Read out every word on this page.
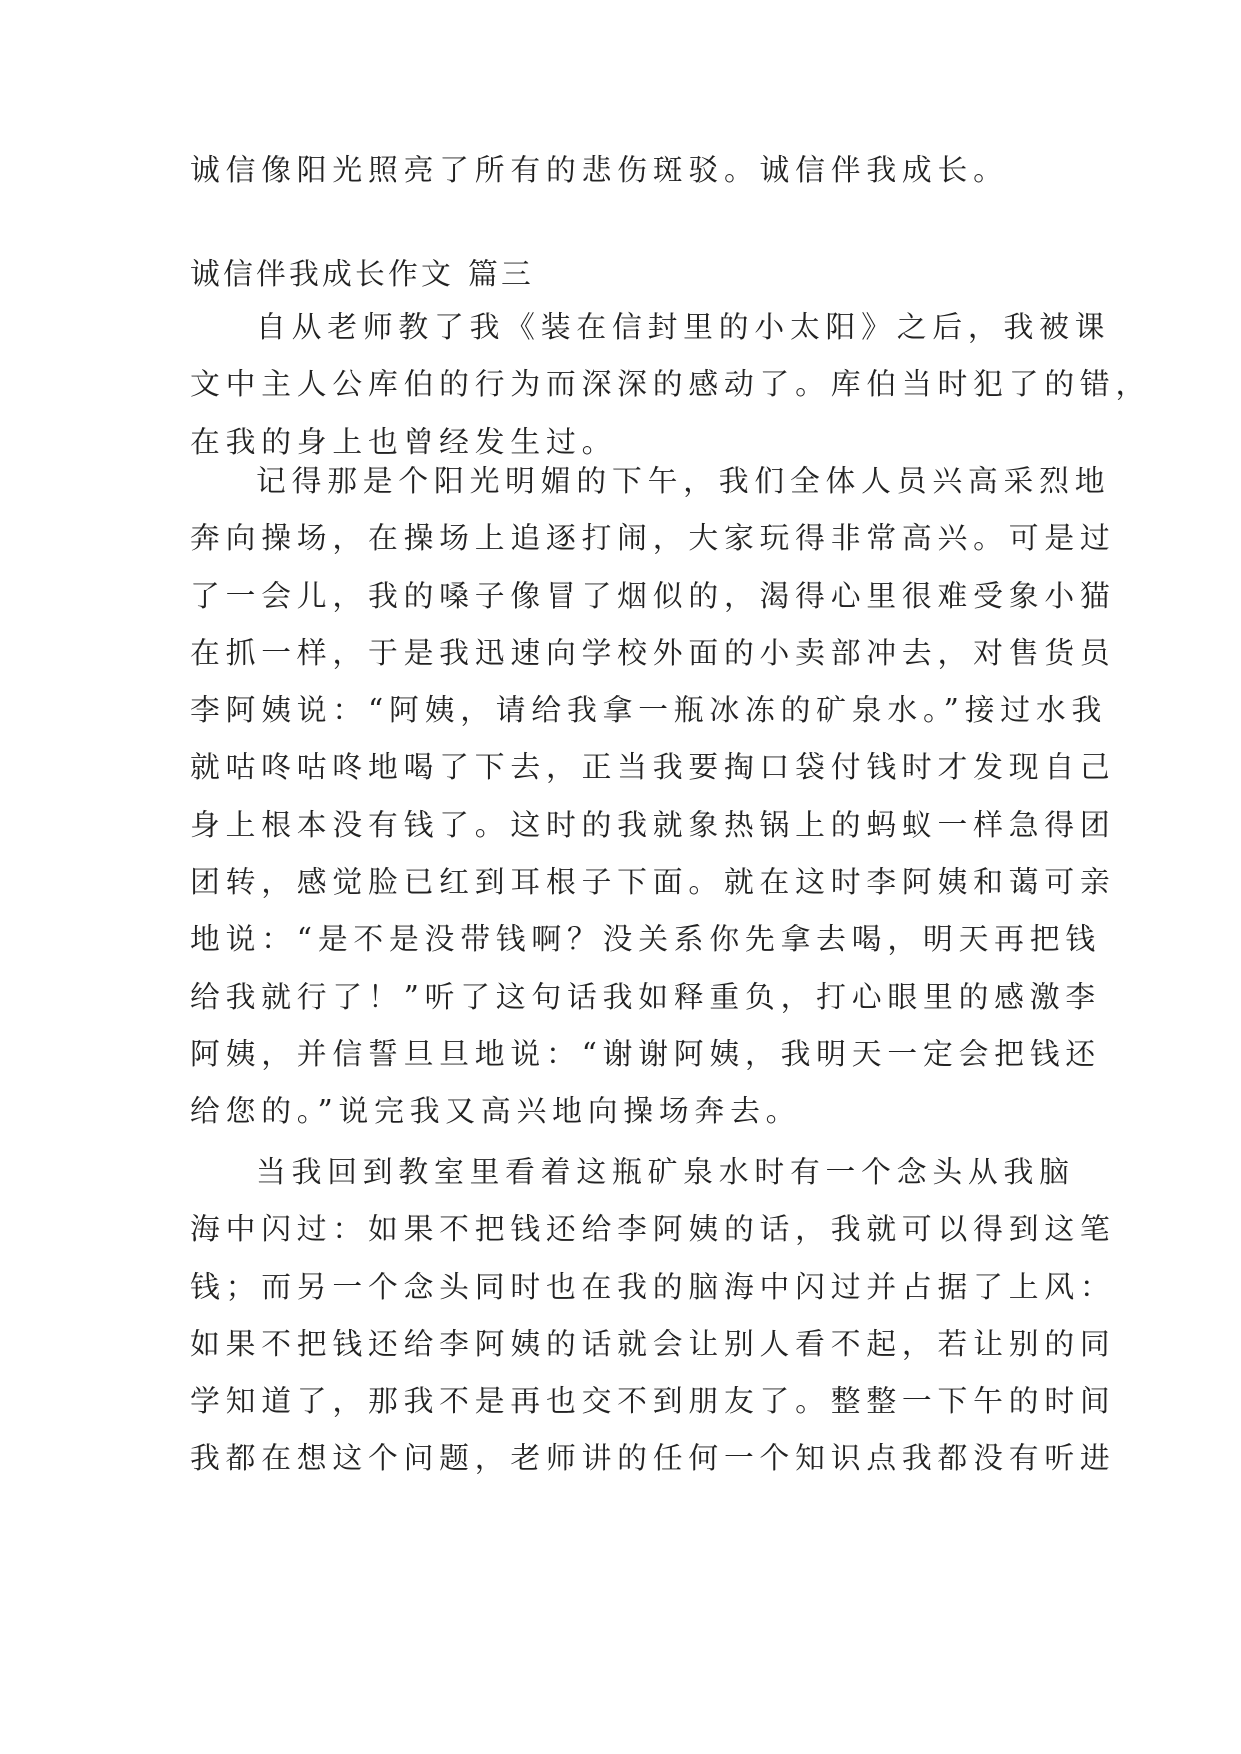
诚信像阳光照亮了所有的悲伤斑驳。诚信伴我成长。
诚信伴我成长作文 篇三
自从老师教了我《装在信封里的小太阳》之后，我被课
文中主人公库伯的行为而深深的感动了。库伯当时犯了的错，
在我的身上也曾经发生过。
记得那是个阳光明媚的下午，我们全体人员兴高采烈地
奔向操场，在操场上追逐打闹，大家玩得非常高兴。可是过
了一会儿，我的嗓子像冒了烟似的，渴得心里很难受象小猫
在抓一样，于是我迅速向学校外面的小卖部冲去，对售货员
李阿姨说：“阿姨，请给我拿一瓶冰冻的矿泉水。”接过水我
就咕咚咕咚地喝了下去，正当我要掏口袋付钱时才发现自己
身上根本没有钱了。这时的我就象热锅上的蚂蚁一样急得团
团转，感觉脸已红到耳根子下面。就在这时李阿姨和蔼可亲
地说：“是不是没带钱啊？没关系你先拿去喝，明天再把钱
给我就行了！”听了这句话我如释重负，打心眼里的感激李
阿姨，并信誓旦旦地说：“谢谢阿姨，我明天一定会把钱还
给您的。”说完我又高兴地向操场奔去。
当我回到教室里看着这瓶矿泉水时有一个念头从我脑
海中闪过：如果不把钱还给李阿姨的话，我就可以得到这笔
钱；而另一个念头同时也在我的脑海中闪过并占据了上风：
如果不把钱还给李阿姨的话就会让别人看不起，若让别的同
学知道了，那我不是再也交不到朋友了。整整一下午的时间
我都在想这个问题，老师讲的任何一个知识点我都没有听进
